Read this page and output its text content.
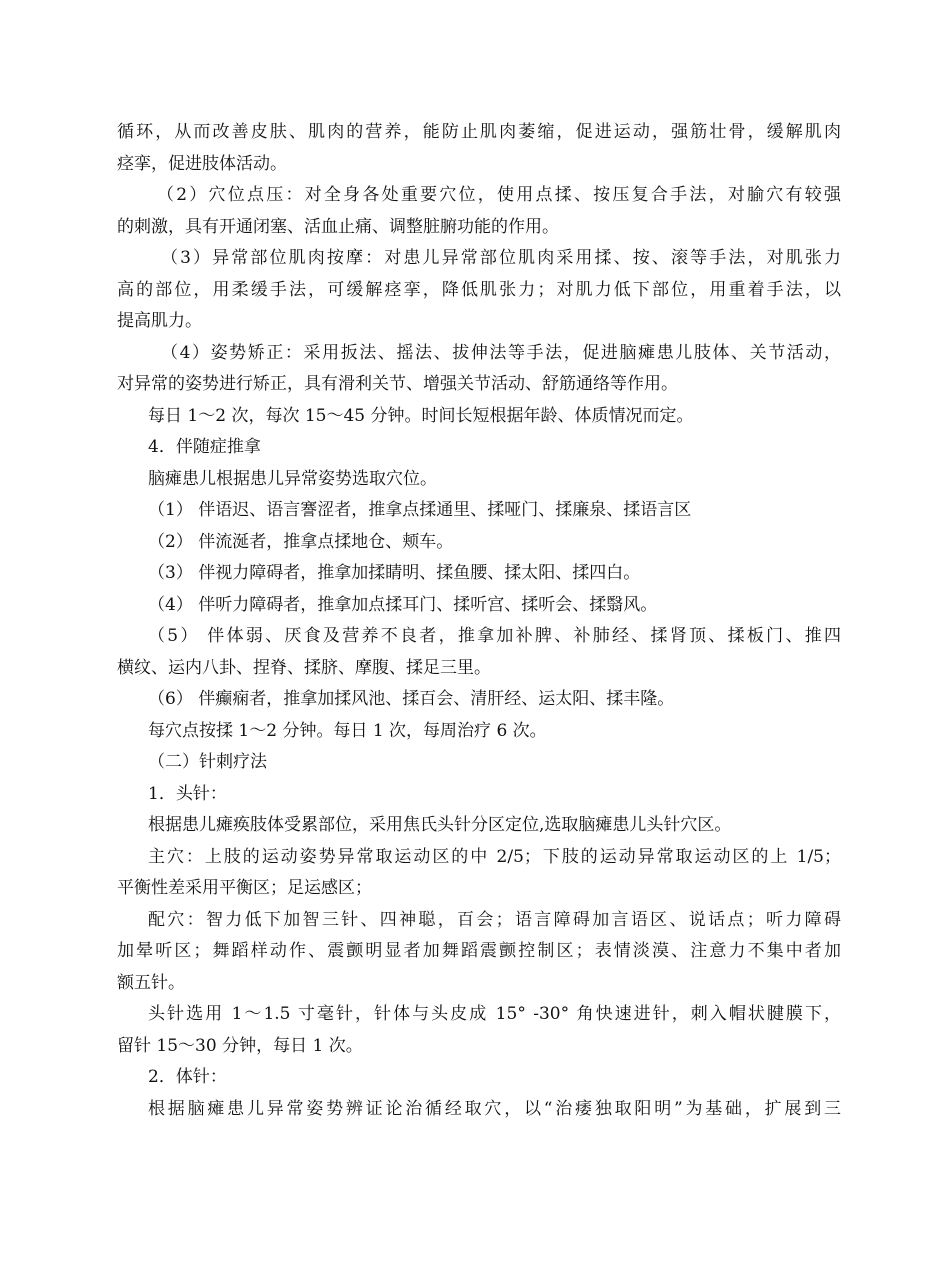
循环，从而改善皮肤、肌肉的营养，能防止肌肉萎缩，促进运动，强筋壮骨，缓解肌肉

痉挛，促进肢体活动。

（2）穴位点压：对全身各处重要穴位，使用点揉、按压复合手法，对腧穴有较强

的刺激，具有开通闭塞、活血止痛、调整脏腑功能的作用。

（3）异常部位肌肉按摩：对患儿异常部位肌肉采用揉、按、滚等手法，对肌张力

高的部位，用柔缓手法，可缓解痉挛，降低肌张力；对肌力低下部位，用重着手法，以

提高肌力。

（4）姿势矫正：采用扳法、摇法、拔伸法等手法，促进脑瘫患儿肢体、关节活动，

对异常的姿势进行矫正，具有滑利关节、增强关节活动、舒筋通络等作用。

每日 1～2 次，每次 15～45 分钟。时间长短根据年龄、体质情况而定。

4．伴随症推拿

脑瘫患儿根据患儿异常姿势选取穴位。

（1） 伴语迟、语言謇涩者，推拿点揉通里、揉哑门、揉廉泉、揉语言区

（2） 伴流涎者，推拿点揉地仓、颊车。

（3） 伴视力障碍者，推拿加揉睛明、揉鱼腰、揉太阳、揉四白。

（4） 伴听力障碍者，推拿加点揉耳门、揉听宫、揉听会、揉翳风。

（5） 伴体弱、厌食及营养不良者，推拿加补脾、补肺经、揉肾顶、揉板门、推四

横纹、运内八卦、捏脊、揉脐、摩腹、揉足三里。

（6） 伴癫痫者，推拿加揉风池、揉百会、清肝经、运太阳、揉丰隆。

每穴点按揉 1～2 分钟。每日 1 次，每周治疗 6 次。

（二）针刺疗法

1．头针：

根据患儿瘫痪肢体受累部位，采用焦氏头针分区定位,选取脑瘫患儿头针穴区。

主穴：上肢的运动姿势异常取运动区的中 2/5；下肢的运动异常取运动区的上 1/5；

平衡性差采用平衡区；足运感区；

配穴：智力低下加智三针、四神聪，百会；语言障碍加言语区、说话点；听力障碍

加晕听区；舞蹈样动作、震颤明显者加舞蹈震颤控制区；表情淡漠、注意力不集中者加

额五针。

头针选用 1～1.5 寸毫针，针体与头皮成 15° -30° 角快速进针，刺入帽状腱膜下，

留针 15～30 分钟，每日 1 次。

2．体针：

根据脑瘫患儿异常姿势辨证论治循经取穴，以“治痿独取阳明”为基础，扩展到三
